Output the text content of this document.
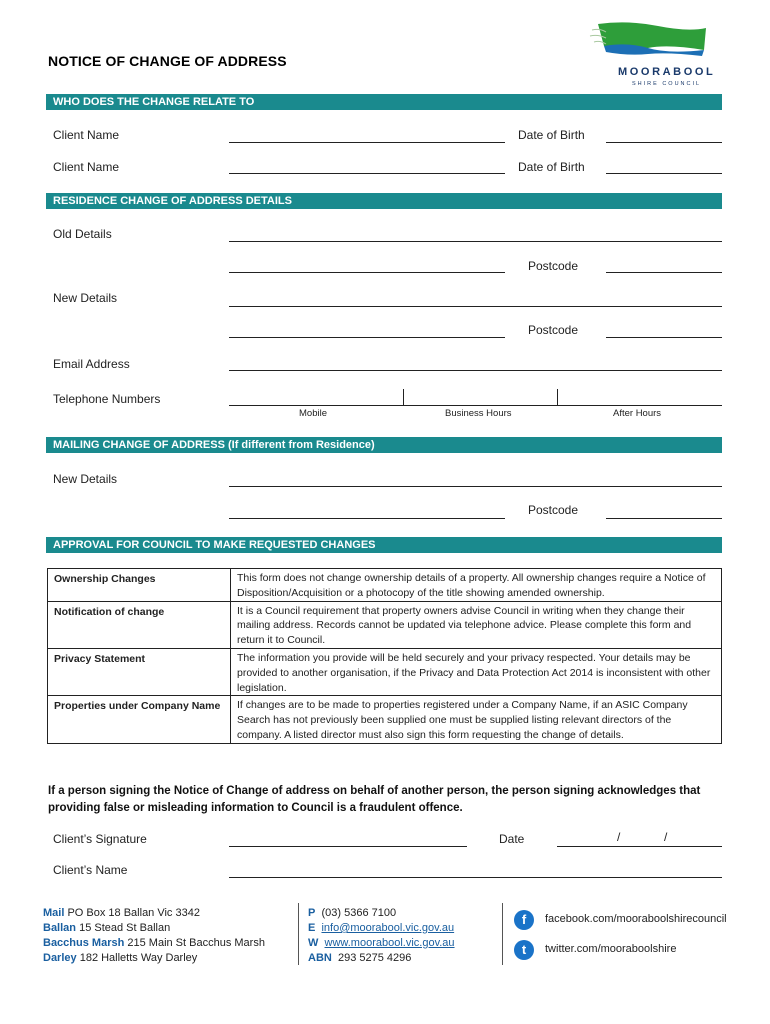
NOTICE OF CHANGE OF ADDRESS
MOORABOOL
SHIRE COUNCIL
WHO DOES THE CHANGE RELATE TO
Client Name	Date of Birth
Client Name	Date of Birth
RESIDENCE CHANGE OF ADDRESS DETAILS
Old Details
Postcode
New Details
Postcode
Email Address
Telephone Numbers
Mobile	Business Hours	After Hours
MAILING CHANGE OF ADDRESS (If different from Residence)
New Details
Postcode
APPROVAL FOR COUNCIL TO MAKE REQUESTED CHANGES
Ownership Changes	This form does not change ownership details of a property. All ownership changes require a Notice of Disposition/Acquisition or a photocopy of the title showing amended ownership.
Notification of change	It is a Council requirement that property owners advise Council in writing when they change their mailing address. Records cannot be updated via telephone advice. Please complete this form and return it to Council.
Privacy Statement	The information you provide will be held securely and your privacy respected. Your details may be provided to another organisation, if the Privacy and Data Protection Act 2014 is inconsistent with other legislation.
Properties under Company Name	If changes are to be made to properties registered under a Company Name, if an ASIC Company Search has not previously been supplied one must be supplied listing relevant directors of the company. A listed director must also sign this form requesting the change of details.
If a person signing the Notice of Change of address on behalf of another person, the person signing acknowledges that providing false or misleading information to Council is a fraudulent offence.
Client’s Signature	Date	/	/
Client’s Name
Mail PO Box 18 Ballan Vic 3342
Ballan 15 Stead St Ballan
Bacchus Marsh 215 Main St Bacchus Marsh
Darley 182 Halletts Way Darley
P (03) 5366 7100
E info@moorabool.vic.gov.au
W www.moorabool.vic.gov.au
ABN 293 5275 4296
f	facebook.com/mooraboolshirecouncil
t	twitter.com/mooraboolshire
